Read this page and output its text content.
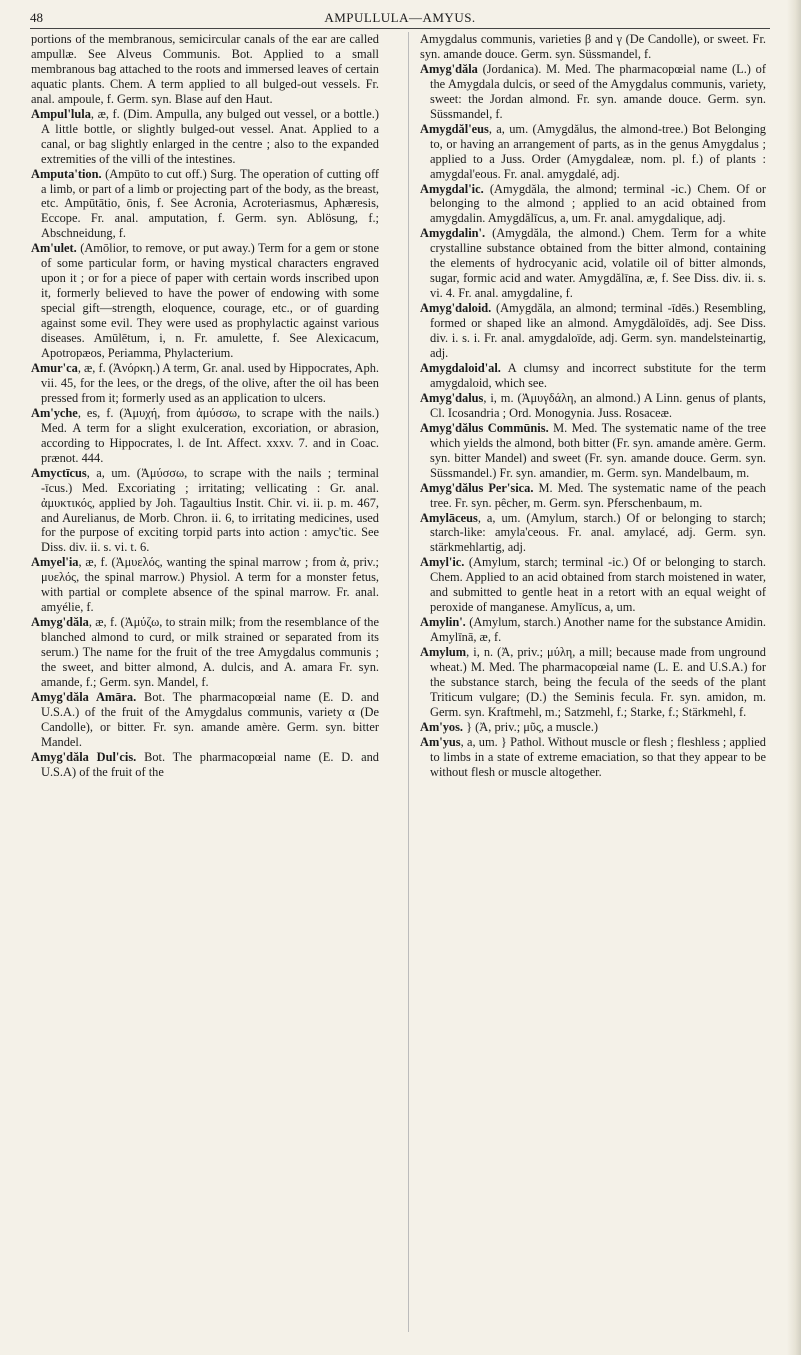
48	AMPULLULA—AMYUS.

portions of the membranous, semicircular canals of the ear are called ampullæ. See Alveus Communis. Bot. Applied to a small membranous bag attached to the roots and immersed leaves of certain aquatic plants. Chem. A term applied to all bulged-out vessels. Fr. anal. ampoule, f. Germ. syn. Blase auf den Haut.

Ampul'lula, æ, f. (Dim. Ampulla, any bulged out vessel, or a bottle.) A little bottle, or slightly bulged-out vessel. Anat. Applied to a canal, or bag slightly enlarged in the centre ; also to the expanded extremities of the villi of the intestines.

Amputa'tion. (Ampūto to cut off.) Surg. The operation of cutting off a limb, or part of a limb or projecting part of the body, as the breast, etc. Ampūtātio, ōnis, f. See Acronia, Acroteriasmus, Aphæresis, Eccope. Fr. anal. amputation, f. Germ. syn. Ablösung, f.; Abschneidung, f.

Am'ulet. (Amōlior, to remove, or put away.) Term for a gem or stone of some particular form, or having mystical characters engraved upon it ; or for a piece of paper with certain words inscribed upon it, formerly believed to have the power of endowing with some special gift—strength, eloquence, courage, etc., or of guarding against some evil. They were used as prophylactic against various diseases. Amūlētum, i, n. Fr. amulette, f. See Alexicacum, Apotropæos, Periamma, Phylacterium.

Amur'ca, æ, f. (Ἀνόρκη.) A term, Gr. anal. used by Hippocrates, Aph. vii. 45, for the lees, or the dregs, of the olive, after the oil has been pressed from it; formerly used as an application to ulcers.

Am'yche, es, f. (Ἀμυχή, from ἀμύσσω, to scrape with the nails.) Med. A term for a slight exulceration, excoriation, or abrasion, according to Hippocrates, l. de Int. Affect. xxxv. 7. and in Coac. prænot. 444.

Amyctīcus, a, um. (Ἀμύσσω, to scrape with the nails ; terminal -īcus.) Med. Excoriating ; irritating; vellicating : Gr. anal. ἀμυκτικός, applied by Joh. Tagaultius Instit. Chir. vi. ii. p. m. 467, and Aurelianus, de Morb. Chron. ii. 6, to irritating medicines, used for the purpose of exciting torpid parts into action : amyc'tic. See Diss. div. ii. s. vi. t. 6.

Amyel'ia, æ, f. (Ἀμυελός, wanting the spinal marrow ; from ἀ, priv.; μυελός, the spinal marrow.) Physiol. A term for a monster fetus, with partial or complete absence of the spinal marrow. Fr. anal. amyélie, f.

Amyg'dăla, æ, f. (Ἀμύζω, to strain milk; from the resemblance of the blanched almond to curd, or milk strained or separated from its serum.) The name for the fruit of the tree Amygdalus communis ; the sweet, and bitter almond, A. dulcis, and A. amara Fr. syn. amande, f.; Germ. syn. Mandel, f.

Amyg'dăla Amāra. Bot. The pharmacopœial name (E. D. and U.S.A.) of the fruit of the Amygdalus communis, variety α (De Candolle), or bitter. Fr. syn. amande amère. Germ. syn. bitter Mandel.

Amyg'dăla Dul'cis. Bot. The pharmacopœial name (E. D. and U.S.A) of the fruit of the

Amygdalus communis, varieties β and γ (De Candolle), or sweet. Fr. syn. amande douce. Germ. syn. Süssmandel, f.

Amyg'dăla (Jordanica). M. Med. The pharmacopœial name (L.) of the Amygdala dulcis, or seed of the Amygdalus communis, variety, sweet: the Jordan almond. Fr. syn. amande douce. Germ. syn. Süssmandel, f.

Amygdăl'eus, a, um. (Amygdălus, the almond-tree.) Bot Belonging to, or having an arrangement of parts, as in the genus Amygdalus ; applied to a Juss. Order (Amygdaleæ, nom. pl. f.) of plants : amygdal'eous. Fr. anal. amygdalé, adj.

Amygdal'ic. (Amygdăla, the almond; terminal -ic.) Chem. Of or belonging to the almond ; applied to an acid obtained from amygdalin. Amygdălīcus, a, um. Fr. anal. amygdalique, adj.

Amygdalin'. (Amygdăla, the almond.) Chem. Term for a white crystalline substance obtained from the bitter almond, containing the elements of hydrocyanic acid, volatile oil of bitter almonds, sugar, formic acid and water. Amygdălīna, æ, f. See Diss. div. ii. s. vi. 4. Fr. anal. amygdaline, f.

Amyg'daloid. (Amygdăla, an almond; terminal -īdēs.) Resembling, formed or shaped like an almond. Amygdăloīdēs, adj. See Diss. div. i. s. i. Fr. anal. amygdaloïde, adj. Germ. syn. mandelsteinartig, adj.

Amygdaloid'al. A clumsy and incorrect substitute for the term amygdaloid, which see.

Amyg'dalus, i, m. (Ἀμυγδάλη, an almond.) A Linn. genus of plants, Cl. Icosandria ; Ord. Monogynia. Juss. Rosaceæ.

Amyg'dălus Commūnis. M. Med. The systematic name of the tree which yields the almond, both bitter (Fr. syn. amande amère. Germ. syn. bitter Mandel) and sweet (Fr. syn. amande douce. Germ. syn. Süssmandel.) Fr. syn. amandier, m. Germ. syn. Mandelbaum, m.

Amyg'dălus Per'sica. M. Med. The systematic name of the peach tree. Fr. syn. pêcher, m. Germ. syn. Pferschenbaum, m.

Amylāceus, a, um. (Amylum, starch.) Of or belonging to starch; starch-like: amyla'ceous. Fr. anal. amylacé, adj. Germ. syn. stärkmehlartig, adj.

Amyl'ic. (Amylum, starch; terminal -ic.) Of or belonging to starch. Chem. Applied to an acid obtained from starch moistened in water, and submitted to gentle heat in a retort with an equal weight of peroxide of manganese. Amylīcus, a, um.

Amylin'. (Amylum, starch.) Another name for the substance Amidin. Amylīnā, æ, f.

Amylum, i, n. (Ἀ, priv.; μύλη, a mill; because made from unground wheat.) M. Med. The pharmacopœial name (L. E. and U.S.A.) for the substance starch, being the fecula of the seeds of the plant Triticum vulgare; (D.) the Seminis fecula. Fr. syn. amidon, m. Germ. syn. Kraftmehl, m.; Satzmehl, f.; Starke, f.; Stärkmehl, f.

Am'yos. } (Ἀ, priv.; μῦς, a muscle.)

Am'yus, a, um. } Pathol. Without muscle or flesh ; fleshless ; applied to limbs in a state of extreme emaciation, so that they appear to be without flesh or muscle altogether.
